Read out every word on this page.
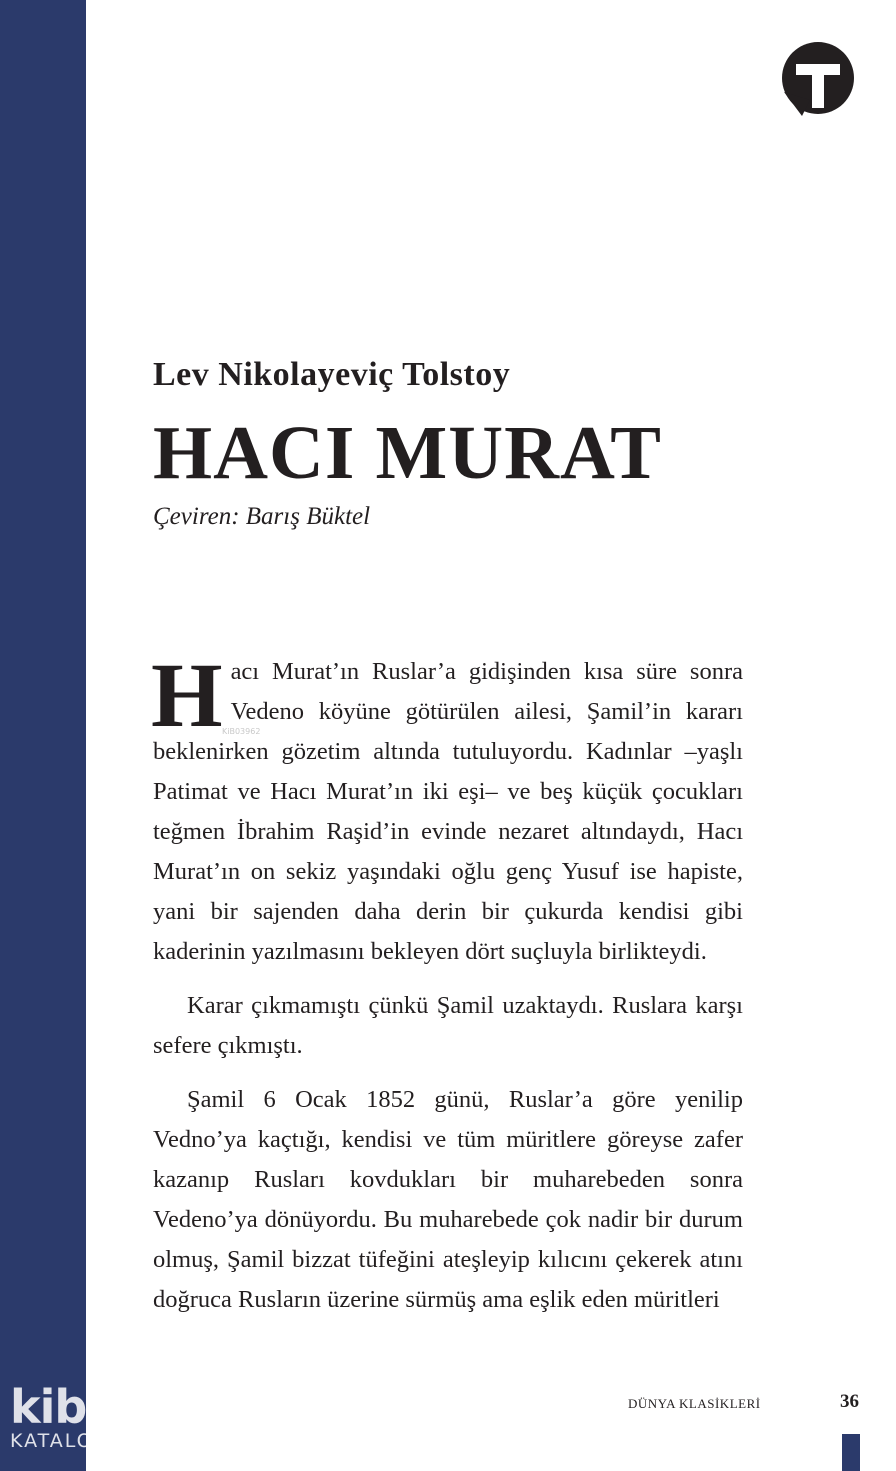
Lev Nikolayeviç Tolstoy
HACI MURAT
Çeviren: Barış Büktel

Hacı Murat’ın Ruslar’a gidişinden kısa süre sonra Vedeno köyüne götürülen ailesi, Şamil’in kararı beklenirken gözetim altında tutuluyordu. Kadınlar –yaşlı Patimat ve Hacı Murat’ın iki eşi– ve beş küçük çocukları teğmen İbrahim Raşid’in evinde nezaret altındaydı, Hacı Murat’ın on sekiz yaşındaki oğlu genç Yusuf ise hapiste, yani bir sajenden daha derin bir çukurda kendisi gibi kaderinin yazılmasını bekleyen dört suçluyla birlikteydi.

Karar çıkmamıştı çünkü Şamil uzaktaydı. Ruslara karşı sefere çıkmıştı.

Şamil 6 Ocak 1852 günü, Ruslar’a göre yenilip Vedno’ya kaçtığı, kendisi ve tüm müritlere göreyse zafer kazanıp Rusları kovdukları bir muharebeden sonra Vedeno’ya dönüyordu. Bu muharebede çok nadir bir durum olmuş, Şamil bizzat tüfeğini ateşleyip kılıcını çekerek atını doğruca Rusların üzerine sürmüş ama eşlik eden müritleri

KiB03962
DÜNYA KLASİKLERİ	36
kib
KATALOG
